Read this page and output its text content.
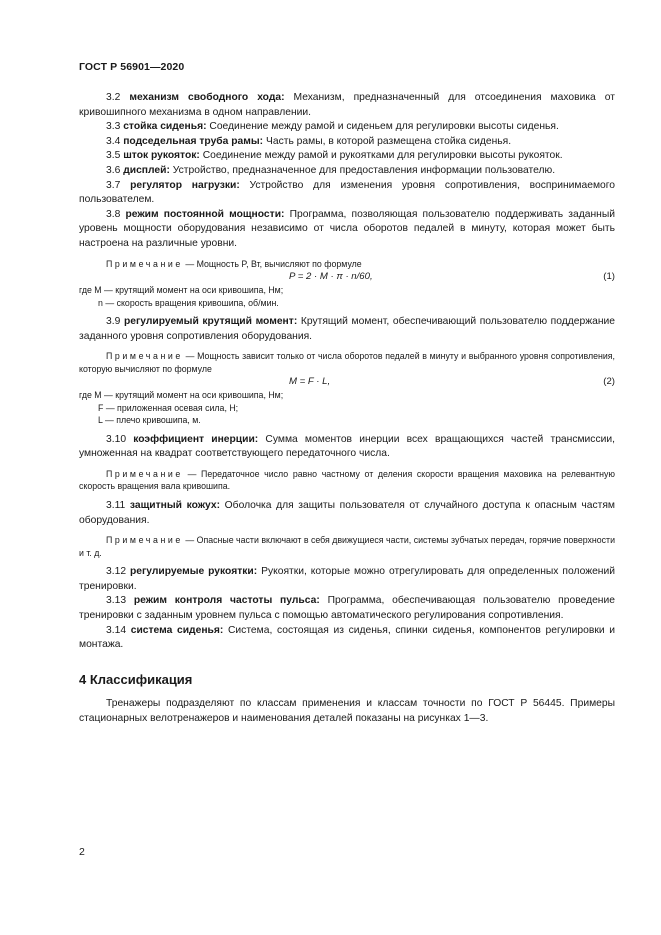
ГОСТ Р 56901—2020

3.2 механизм свободного хода: Механизм, предназначенный для отсоединения маховика от кривошипного механизма в одном направлении.

3.3 стойка сиденья: Соединение между рамой и сиденьем для регулировки высоты сиденья.

3.4 подседельная труба рамы: Часть рамы, в которой размещена стойка сиденья.

3.5 шток рукояток: Соединение между рамой и рукоятками для регулировки высоты рукояток.

3.6 дисплей: Устройство, предназначенное для предоставления информации пользователю.

3.7 регулятор нагрузки: Устройство для изменения уровня сопротивления, воспринимаемого пользователем.

3.8 режим постоянной мощности: Программа, позволяющая пользователю поддерживать заданный уровень мощности оборудования независимо от числа оборотов педалей в минуту, которая может быть настроена на различные уровни.

Примечание — Мощность P, Вт, вычисляют по формуле

P = 2 · M · π · n/60,	(1)
где M — крутящий момент на оси кривошипа, Нм;
n — скорость вращения кривошипа, об/мин.

3.9 регулируемый крутящий момент: Крутящий момент, обеспечивающий пользователю поддержание заданного уровня сопротивления оборудования.

Примечание — Мощность зависит только от числа оборотов педалей в минуту и выбранного уровня сопротивления, которую вычисляют по формуле

M = F · L,	(2)
где M — крутящий момент на оси кривошипа, Нм;
F — приложенная осевая сила, Н;
L — плечо кривошипа, м.

3.10 коэффициент инерции: Сумма моментов инерции всех вращающихся частей трансмиссии, умноженная на квадрат соответствующего передаточного числа.

Примечание — Передаточное число равно частному от деления скорости вращения маховика на релевантную скорость вращения вала кривошипа.

3.11 защитный кожух: Оболочка для защиты пользователя от случайного доступа к опасным частям оборудования.

Примечание — Опасные части включают в себя движущиеся части, системы зубчатых передач, горячие поверхности и т. д.

3.12 регулируемые рукоятки: Рукоятки, которые можно отрегулировать для определенных положений тренировки.

3.13 режим контроля частоты пульса: Программа, обеспечивающая пользователю проведение тренировки с заданным уровнем пульса с помощью автоматического регулирования сопротивления.

3.14 система сиденья: Система, состоящая из сиденья, спинки сиденья, компонентов регулировки и монтажа.

4 Классификация

Тренажеры подразделяют по классам применения и классам точности по ГОСТ Р 56445. Примеры стационарных велотренажеров и наименования деталей показаны на рисунках 1—3.

2
